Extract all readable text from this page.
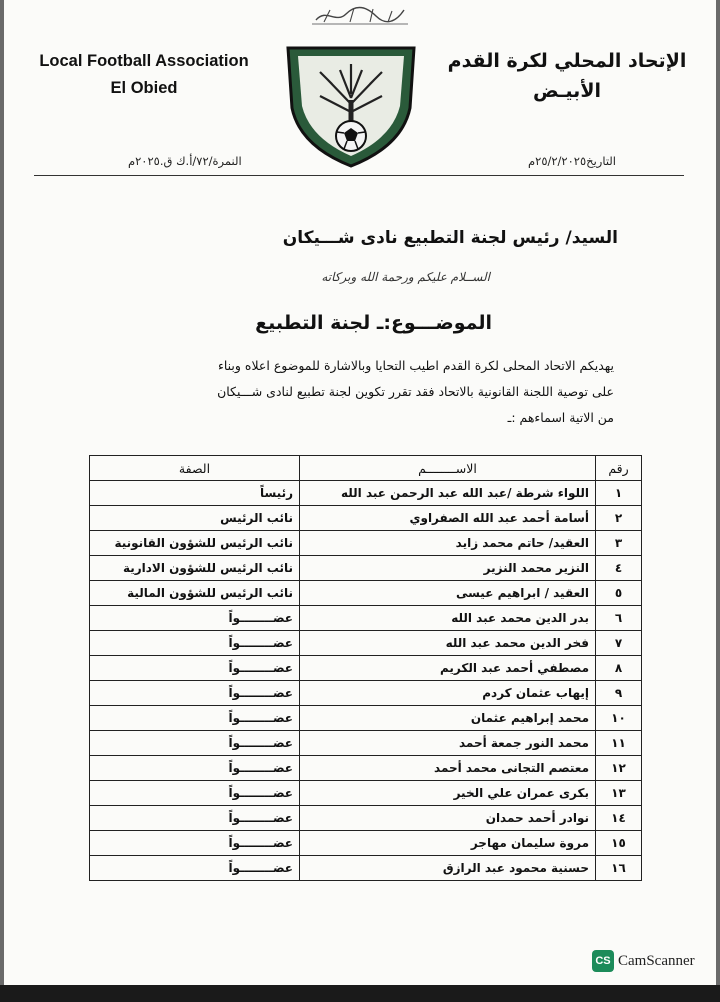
Local Football Association
El Obied
الإتحاد المحلي لكرة القدم
الأبيـض
النمرة/٧٢/أ.ك ق.٢٠٢٥م	التاريخ٢٥/٢/٢٠٢٥م
السيد/ رئيس لجنة التطبيع نادى شـــيكان
الســلام عليكم ورحمة الله وبركاته
الموضـــوع:ـ لجنة التطبيع
يهديكم الاتحاد المحلى لكرة القدم اطيب التحايا وبالاشارة للموضوع اعلاه وبناء
على توصية اللجنة القانونية بالاتحاد فقد تقرر تكوين لجنة تطبيع لنادى شـــيكان
من الاتية اسماءهم :ـ
رقم	الاســــــــم	الصفة
١	اللواء شرطة /عبد الله عبد الرحمن عبد الله	رئيساً
٢	أسامة أحمد عبد الله الصفراوي	نائب الرئيس
٣	العقيد/ حاتم محمد زايد	نائب الرئيس للشؤون القانونية
٤	النزير محمد النزير	نائب الرئيس للشؤون الادارية
٥	العقيد / ابراهيم عيسى	نائب الرئيس للشؤون المالية
٦	بدر الدين محمد عبد الله	عضــــــــواً
٧	فخر الدين محمد عبد الله	عضــــــــواً
٨	مصطفي أحمد عبد الكريم	عضــــــــواً
٩	إيهاب عثمان كردم	عضــــــــواً
١٠	محمد إبراهيم عثمان	عضــــــــواً
١١	محمد النور جمعة أحمد	عضــــــــواً
١٢	معتصم التجانى محمد أحمد	عضــــــــواً
١٣	بكرى عمران علي الخير	عضــــــــواً
١٤	نوادر أحمد حمدان	عضــــــــواً
١٥	مروة سليمان مهاجر	عضــــــــواً
١٦	حسنية محمود عبد الرازق	عضــــــــواً
CS CamScanner
